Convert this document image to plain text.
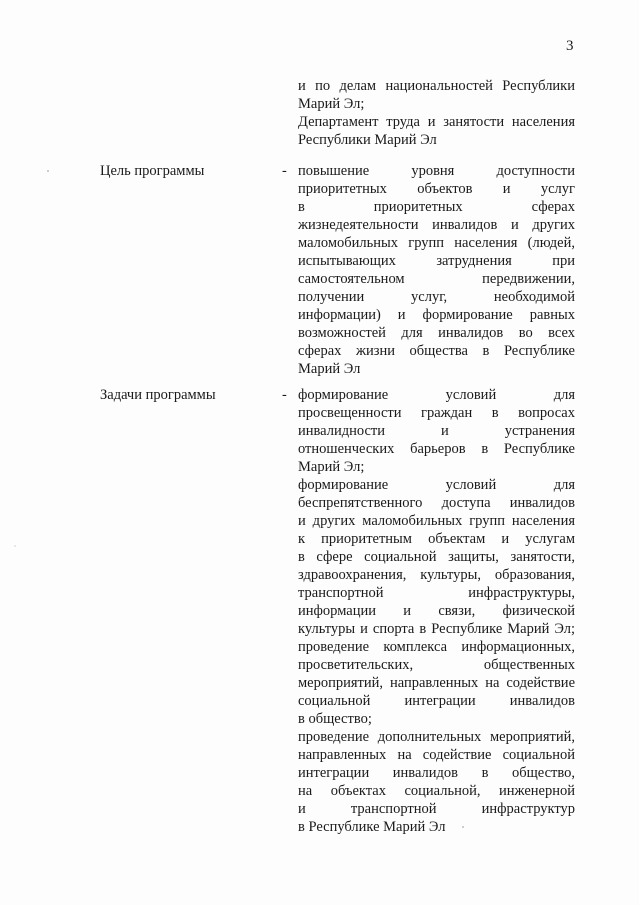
3
и по делам национальностей Республики
Марий Эл;
Департамент труда и занятости населения
Республики Марий Эл
Цель программы	- повышение уровня доступности
приоритетных объектов и услуг
в приоритетных сферах
жизнедеятельности инвалидов и других
маломобильных групп населения (людей,
испытывающих затруднения при
самостоятельном передвижении,
получении услуг, необходимой
информации) и формирование равных
возможностей для инвалидов во всех
сферах жизни общества в Республике
Марий Эл
Задачи программы	- формирование условий для
просвещенности граждан в вопросах
инвалидности и устранения
отношенческих барьеров в Республике
Марий Эл;
формирование условий для
беспрепятственного доступа инвалидов
и других маломобильных групп населения
к приоритетным объектам и услугам
в сфере социальной защиты, занятости,
здравоохранения, культуры, образования,
транспортной инфраструктуры,
информации и связи, физической
культуры и спорта в Республике Марий Эл;
проведение комплекса информационных,
просветительских, общественных
мероприятий, направленных на содействие
социальной интеграции инвалидов
в общество;
проведение дополнительных мероприятий,
направленных на содействие социальной
интеграции инвалидов в общество,
на объектах социальной, инженерной
и транспортной инфраструктур
в Республике Марий Эл
